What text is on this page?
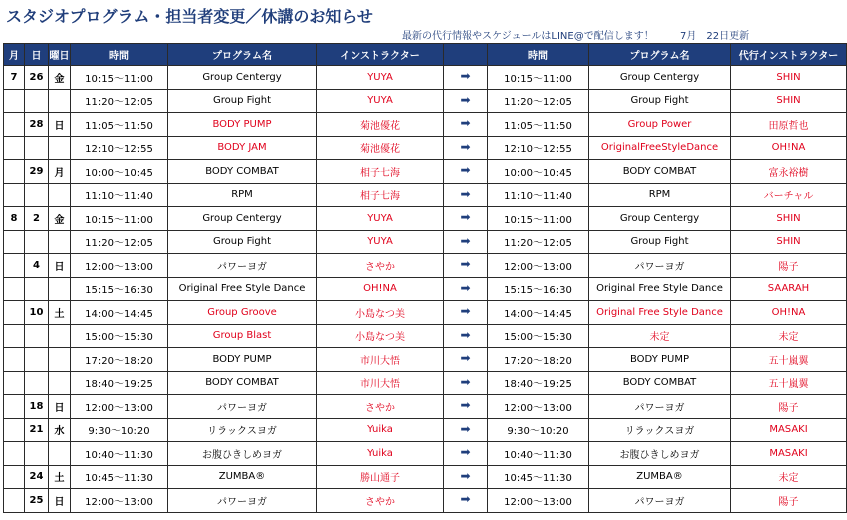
スタジオプログラム・担当者変更／休講のお知らせ
最新の代行情報やスケジュールはLINE@で配信します！	7月　22日更新
月	日	曜日	時間	プログラム名	インストラクター		時間	プログラム名	代行インストラクター
7	26	金	10:15～11:00	Group Centergy	YUYA	➡	10:15～11:00	Group Centergy	SHIN
			11:20～12:05	Group Fight	YUYA	➡	11:20～12:05	Group Fight	SHIN
	28	日	11:05～11:50	BODY PUMP	菊池優花	➡	11:05～11:50	Group Power	田原哲也
			12:10～12:55	BODY JAM	菊池優花	➡	12:10～12:55	OriginalFreeStyleDance	OH!NA
	29	月	10:00～10:45	BODY COMBAT	相子七海	➡	10:00～10:45	BODY COMBAT	富永裕樹
			11:10～11:40	RPM	相子七海	➡	11:10～11:40	RPM	バーチャル
8	2	金	10:15～11:00	Group Centergy	YUYA	➡	10:15～11:00	Group Centergy	SHIN
			11:20～12:05	Group Fight	YUYA	➡	11:20～12:05	Group Fight	SHIN
	4	日	12:00～13:00	パワーヨガ	さやか	➡	12:00～13:00	パワーヨガ	陽子
			15:15～16:30	Original Free Style Dance	OH!NA	➡	15:15～16:30	Original Free Style Dance	SAARAH
	10	土	14:00～14:45	Group Groove	小島なつ美	➡	14:00～14:45	Original Free Style Dance	OH!NA
			15:00～15:30	Group Blast	小島なつ美	➡	15:00～15:30	未定	未定
			17:20～18:20	BODY PUMP	市川大悟	➡	17:20～18:20	BODY PUMP	五十嵐翼
			18:40～19:25	BODY COMBAT	市川大悟	➡	18:40～19:25	BODY COMBAT	五十嵐翼
	18	日	12:00～13:00	パワーヨガ	さやか	➡	12:00～13:00	パワーヨガ	陽子
	21	水	9:30～10:20	リラックスヨガ	Yuika	➡	9:30～10:20	リラックスヨガ	MASAKI
			10:40～11:30	お腹ひきしめヨガ	Yuika	➡	10:40～11:30	お腹ひきしめヨガ	MASAKI
	24	土	10:45～11:30	ZUMBA®	勝山通子	➡	10:45～11:30	ZUMBA®	未定
	25	日	12:00～13:00	パワーヨガ	さやか	➡	12:00～13:00	パワーヨガ	陽子
